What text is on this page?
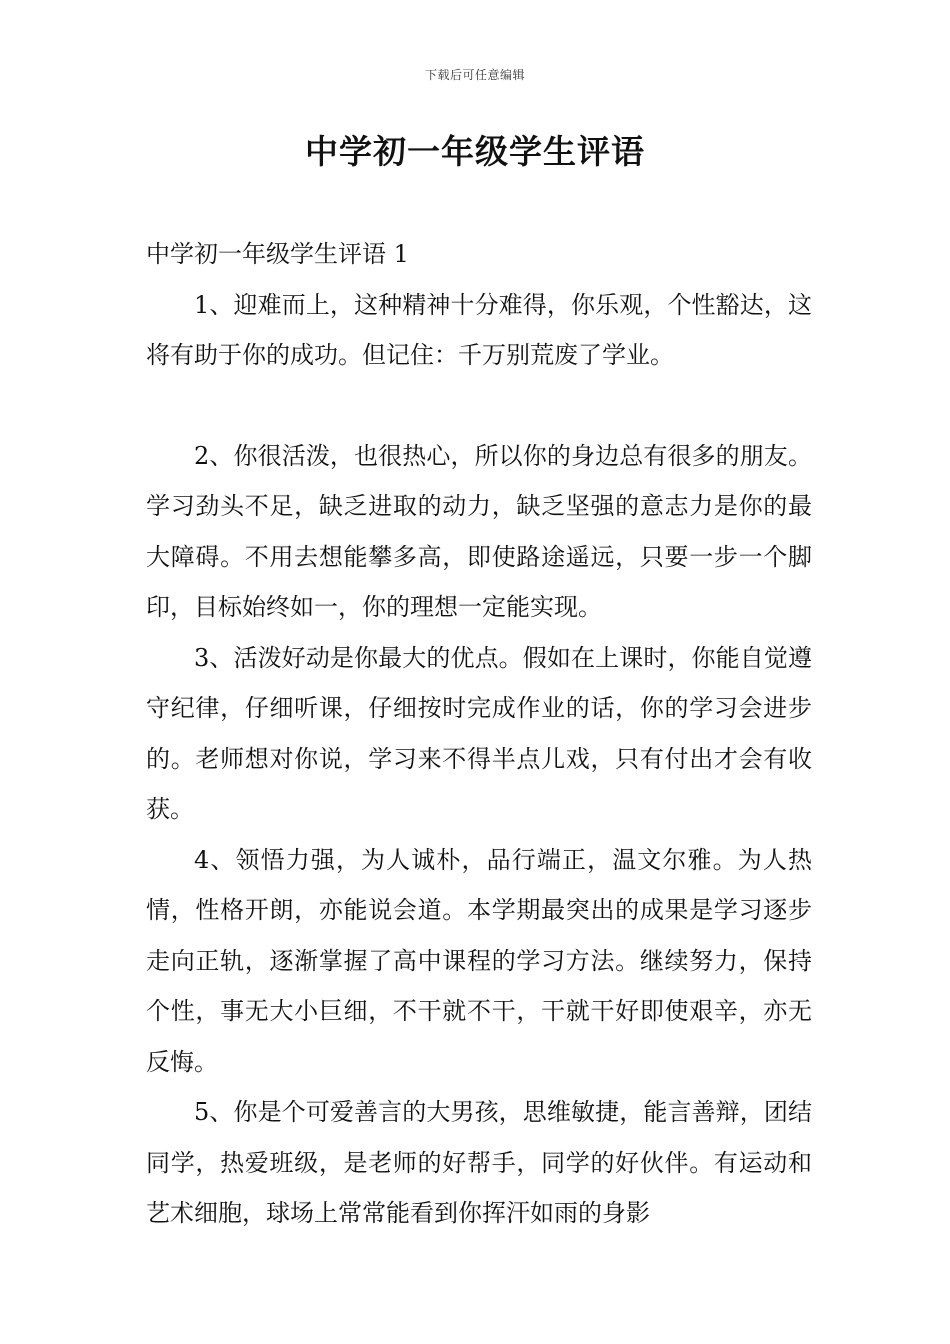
下载后可任意编辑
中学初一年级学生评语

中学初一年级学生评语 1

1、迎难而上，这种精神十分难得，你乐观，个性豁达，这将有助于你的成功。但记住：千万别荒废了学业。

2、你很活泼，也很热心，所以你的身边总有很多的朋友。学习劲头不足，缺乏进取的动力，缺乏坚强的意志力是你的最大障碍。不用去想能攀多高，即使路途遥远，只要一步一个脚印，目标始终如一，你的理想一定能实现。

3、活泼好动是你最大的优点。假如在上课时，你能自觉遵守纪律，仔细听课，仔细按时完成作业的话，你的学习会进步的。老师想对你说，学习来不得半点儿戏，只有付出才会有收获。

4、领悟力强，为人诚朴，品行端正，温文尔雅。为人热情，性格开朗，亦能说会道。本学期最突出的成果是学习逐步走向正轨，逐渐掌握了高中课程的学习方法。继续努力，保持个性，事无大小巨细，不干就不干，干就干好即使艰辛，亦无反悔。

5、你是个可爱善言的大男孩，思维敏捷，能言善辩，团结同学，热爱班级，是老师的好帮手，同学的好伙伴。有运动和艺术细胞，球场上常常能看到你挥汗如雨的身影
